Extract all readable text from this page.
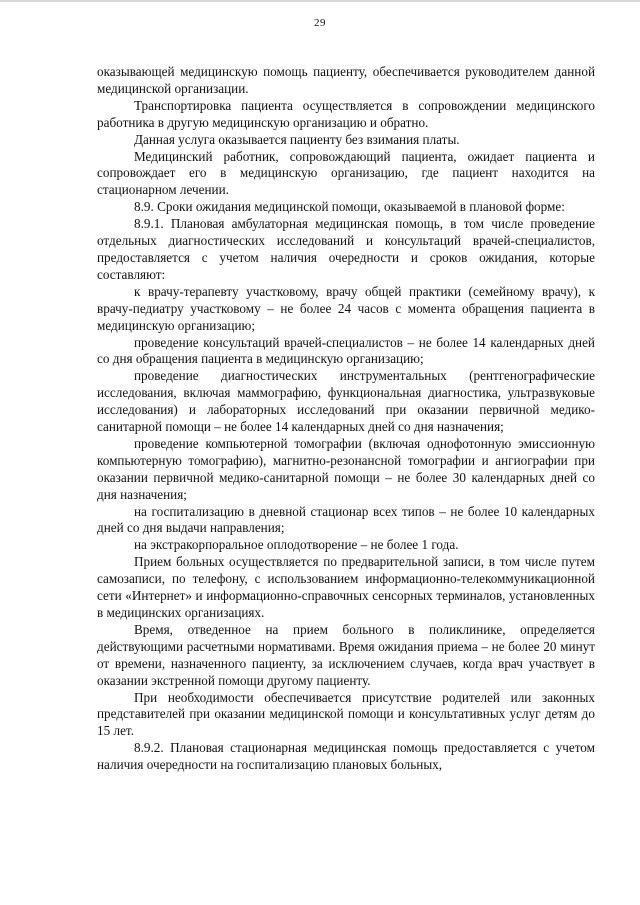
29

оказывающей медицинскую помощь пациенту, обеспечивается руководителем данной медицинской организации.

Транспортировка пациента осуществляется в сопровождении медицинского работника в другую медицинскую организацию и обратно.

Данная услуга оказывается пациенту без взимания платы.

Медицинский работник, сопровождающий пациента, ожидает пациента и сопровождает его в медицинскую организацию, где пациент находится на стационарном лечении.

8.9. Сроки ожидания медицинской помощи, оказываемой в плановой форме:

8.9.1. Плановая амбулаторная медицинская помощь, в том числе проведение отдельных диагностических исследований и консультаций врачей-специалистов, предоставляется с учетом наличия очередности и сроков ожидания, которые составляют:

к врачу-терапевту участковому, врачу общей практики (семейному врачу), к врачу-педиатру участковому – не более 24 часов с момента обращения пациента в медицинскую организацию;

проведение консультаций врачей-специалистов – не более 14 календарных дней со дня обращения пациента в медицинскую организацию;

проведение диагностических инструментальных (рентгенографические исследования, включая маммографию, функциональная диагностика, ультразвуковые исследования) и лабораторных исследований при оказании первичной медико-санитарной помощи – не более 14 календарных дней со дня назначения;

проведение компьютерной томографии (включая однофотонную эмиссионную компьютерную томографию), магнитно-резонансной томографии и ангиографии при оказании первичной медико-санитарной помощи – не более 30 календарных дней со дня назначения;

на госпитализацию в дневной стационар всех типов – не более 10 календарных дней со дня выдачи направления;

на экстракорпоральное оплодотворение – не более 1 года.

Прием больных осуществляется по предварительной записи, в том числе путем самозаписи, по телефону, с использованием информационно-телекоммуникационной сети «Интернет» и информационно-справочных сенсорных терминалов, установленных в медицинских организациях.

Время, отведенное на прием больного в поликлинике, определяется действующими расчетными нормативами. Время ожидания приема – не более 20 минут от времени, назначенного пациенту, за исключением случаев, когда врач участвует в оказании экстренной помощи другому пациенту.

При необходимости обеспечивается присутствие родителей или законных представителей при оказании медицинской помощи и консультативных услуг детям до 15 лет.

8.9.2. Плановая стационарная медицинская помощь предоставляется с учетом наличия очередности на госпитализацию плановых больных,
